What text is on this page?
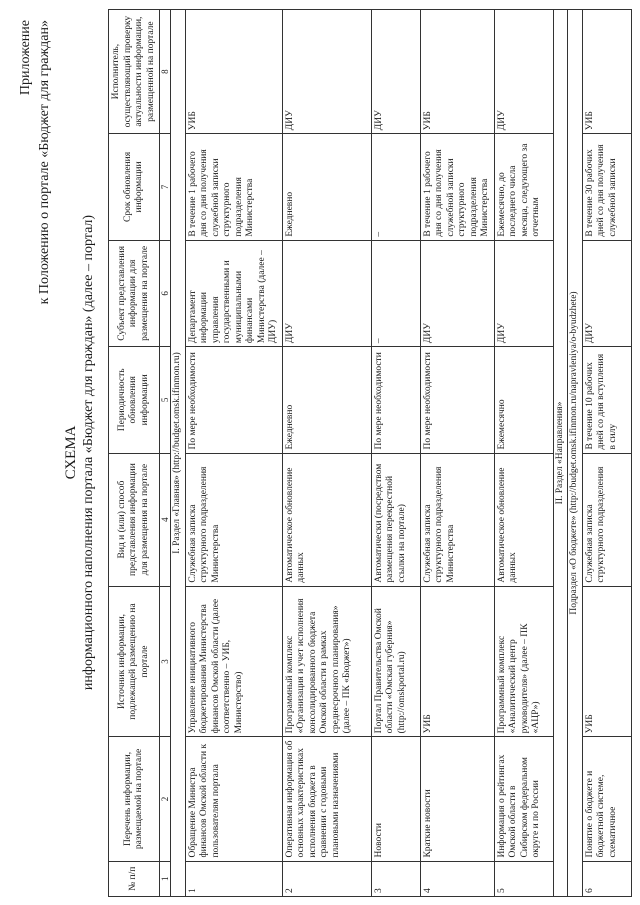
Приложение к Положению о портале «Бюджет для граждан»
СХЕМА информационного наполнения портала «Бюджет для граждан» (далее – портал)
№ п/п	Перечень информации, размещаемой на портале	Источник информации, подлежащей размещению на портале	Вид и (или) способ представления информации для размещения на портале	Периодичность обновления информации	Субъект представления информации для размещения на портале	Срок обновления информации	Исполнитель, осуществляющий проверку актуальности информации, размещенной на портале
1	2	3	4	5	6	7	8
I. Раздел «Главная» (http://budget.omsk.ifinmon.ru)							
1	Обращение Министра финансов Омской области к пользователям портала	Управление инициативного бюджетирования Министерства финансов Омской области (далее соответственно – УИБ, Министерство)	Служебная записка структурного подразделения Министерства	По мере необходимости	Департамент информации управления государственными и муниципальными финансами Министерства (далее – ДИУ)	В течение 1 рабочего дня со дня получения служебной записки структурного подразделения Министерства	УИБ
2	Оперативная информация об основных характеристиках исполнения бюджета в сравнении с годовыми плановыми назначениями	Программный комплекс «Организация и учет исполнения консолидированного бюджета Омской области в рамках среднесрочного планирования» (далее – ПК «Бюджет»)	Автоматическое обновление данных	Ежедневно	ДИУ	Ежедневно	ДИУ
3	Новости	Портал Правительства Омской области «Омская губерния» (http://omskportal.ru)	Автоматически (посредством размещения перекрестной ссылки на портале)	По мере необходимости	–	–	ДИУ
4	Краткие новости	УИБ	Служебная записка структурного подразделения Министерства	По мере необходимости	ДИУ	В течение 1 рабочего дня со дня получения служебной записки структурного подразделения Министерства	УИБ
5	Информация о рейтингах Омской области в Сибирском федеральном округе и по России	Программный комплекс «Аналитический центр руководителя» (далее – ПК «АЦР»)	Автоматическое обновление данных	Ежемесячно	ДИУ	Ежемесячно, до последнего числа месяца, следующего за отчетным	ДИУ
II. Раздел «Направления»							
Подраздел «О бюджете» (http://budget.omsk.ifinmon.ru/napravleniya/o-byudzhete)							
6	Понятие о бюджете и бюджетной системе, схематичное	УИБ	Служебная записка структурного подразделения	В течение 10 рабочих дней со дня вступления в силу	ДИУ	В течение 30 рабочих дней со дня получения служебной записки	УИБ
